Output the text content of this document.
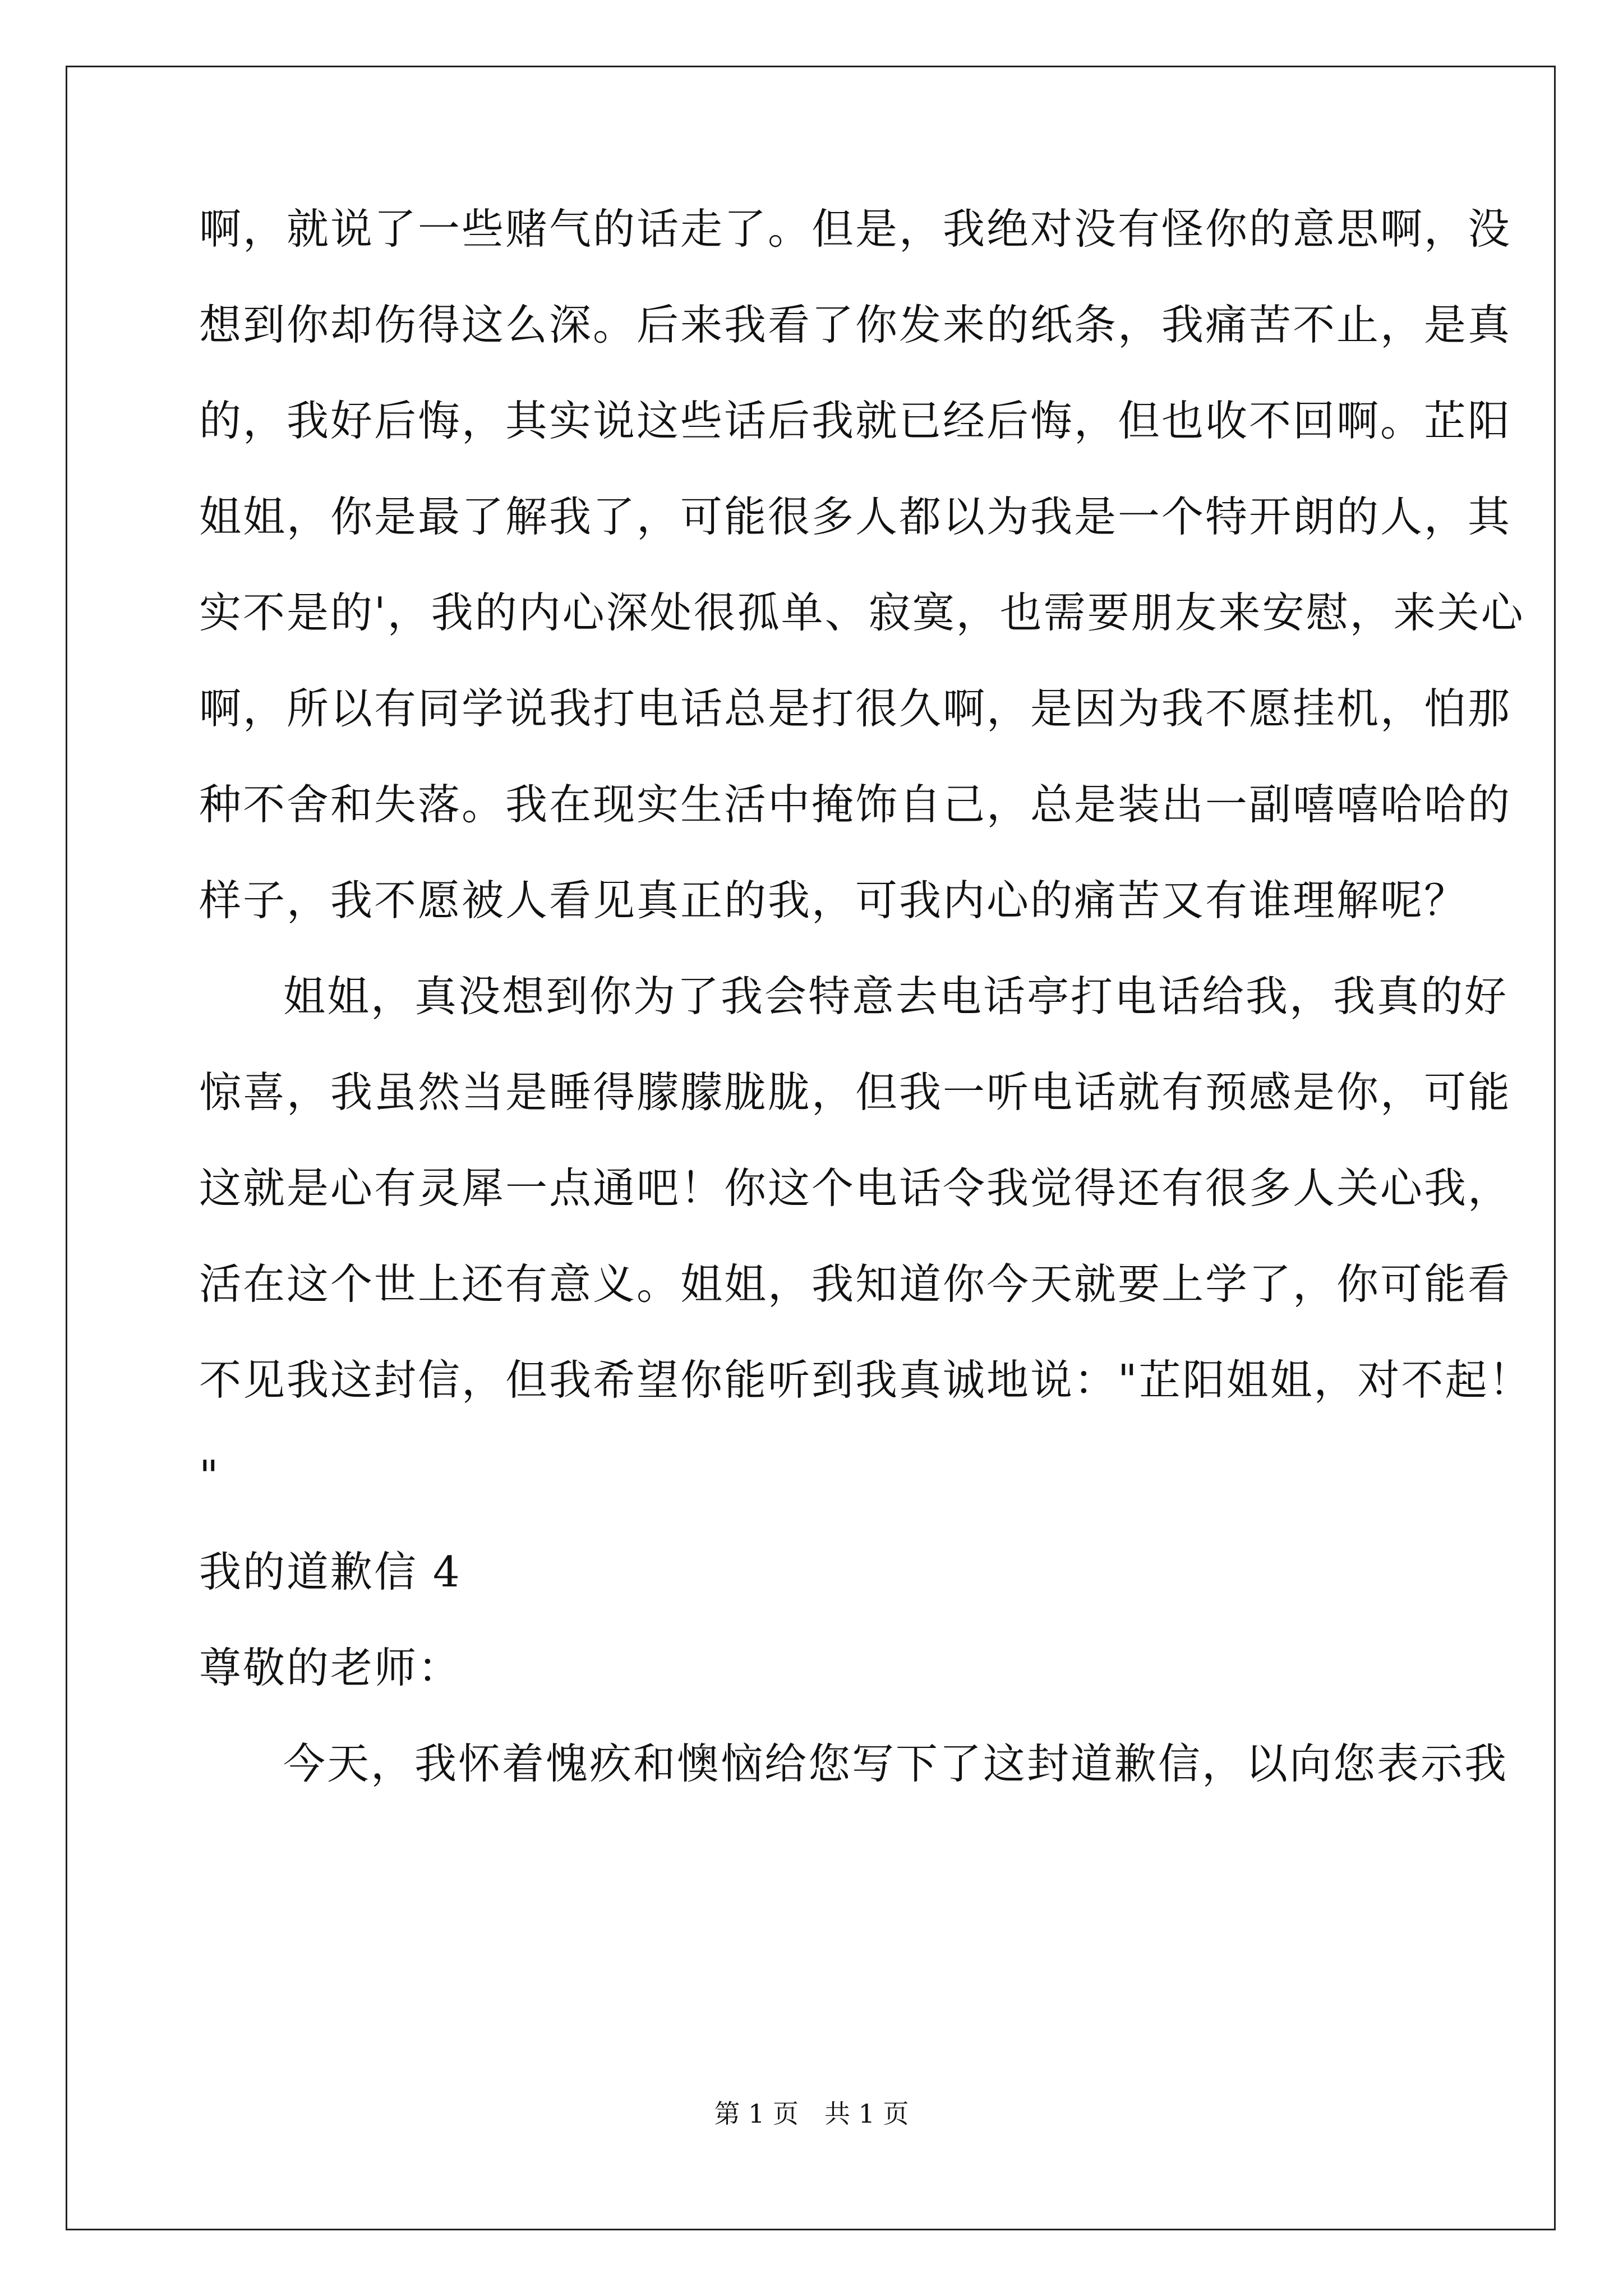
啊，就说了一些赌气的话走了。但是，我绝对没有怪你的意思啊，没
想到你却伤得这么深。后来我看了你发来的纸条，我痛苦不止，是真
的，我好后悔，其实说这些话后我就已经后悔，但也收不回啊。芷阳
姐姐，你是最了解我了，可能很多人都以为我是一个特开朗的人，其
实不是的'，我的内心深处很孤单、寂寞，也需要朋友来安慰，来关心
啊，所以有同学说我打电话总是打很久啊，是因为我不愿挂机，怕那
种不舍和失落。我在现实生活中掩饰自己，总是装出一副嘻嘻哈哈的
样子，我不愿被人看见真正的我，可我内心的痛苦又有谁理解呢？
姐姐，真没想到你为了我会特意去电话亭打电话给我，我真的好
惊喜，我虽然当是睡得朦朦胧胧，但我一听电话就有预感是你，可能
这就是心有灵犀一点通吧！你这个电话令我觉得还有很多人关心我，
活在这个世上还有意义。姐姐，我知道你今天就要上学了，你可能看
不见我这封信，但我希望你能听到我真诚地说："芷阳姐姐，对不起！
"
我的道歉信 4
尊敬的老师：
今天，我怀着愧疚和懊恼给您写下了这封道歉信，以向您表示我
第 1 页　共 1 页
